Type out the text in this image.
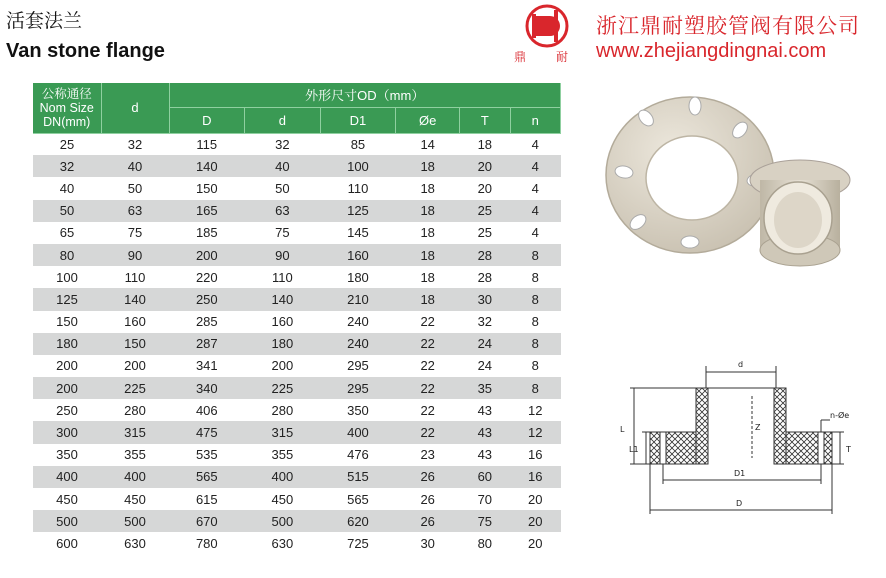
活套法兰
Van stone flange	鼎 耐
浙江鼎耐塑胶管阀有限公司
www.zhejiangdingnai.com
公称通径
Nom Size
DN(mm)	d	外形尺寸OD（mm）					
		D	d	D1	Øe	T	n
25	32	115	32	85	14	18	4
32	40	140	40	100	18	20	4
40	50	150	50	110	18	20	4
50	63	165	63	125	18	25	4
65	75	185	75	145	18	25	4
80	90	200	90	160	18	28	8
100	110	220	110	180	18	28	8
125	140	250	140	210	18	30	8
150	160	285	160	240	22	32	8
180	150	287	180	240	22	24	8
200	200	341	200	295	22	24	8
200	225	340	225	295	22	35	8
250	280	406	280	350	22	43	12
300	315	475	315	400	22	43	12
350	355	535	355	476	23	43	16
400	400	565	400	515	26	60	16
450	450	615	450	565	26	70	20
500	500	670	500	620	26	75	20
600	630	780	630	725	30	80	20
d
L
L1
Z
n-Øe
T
D1
D
